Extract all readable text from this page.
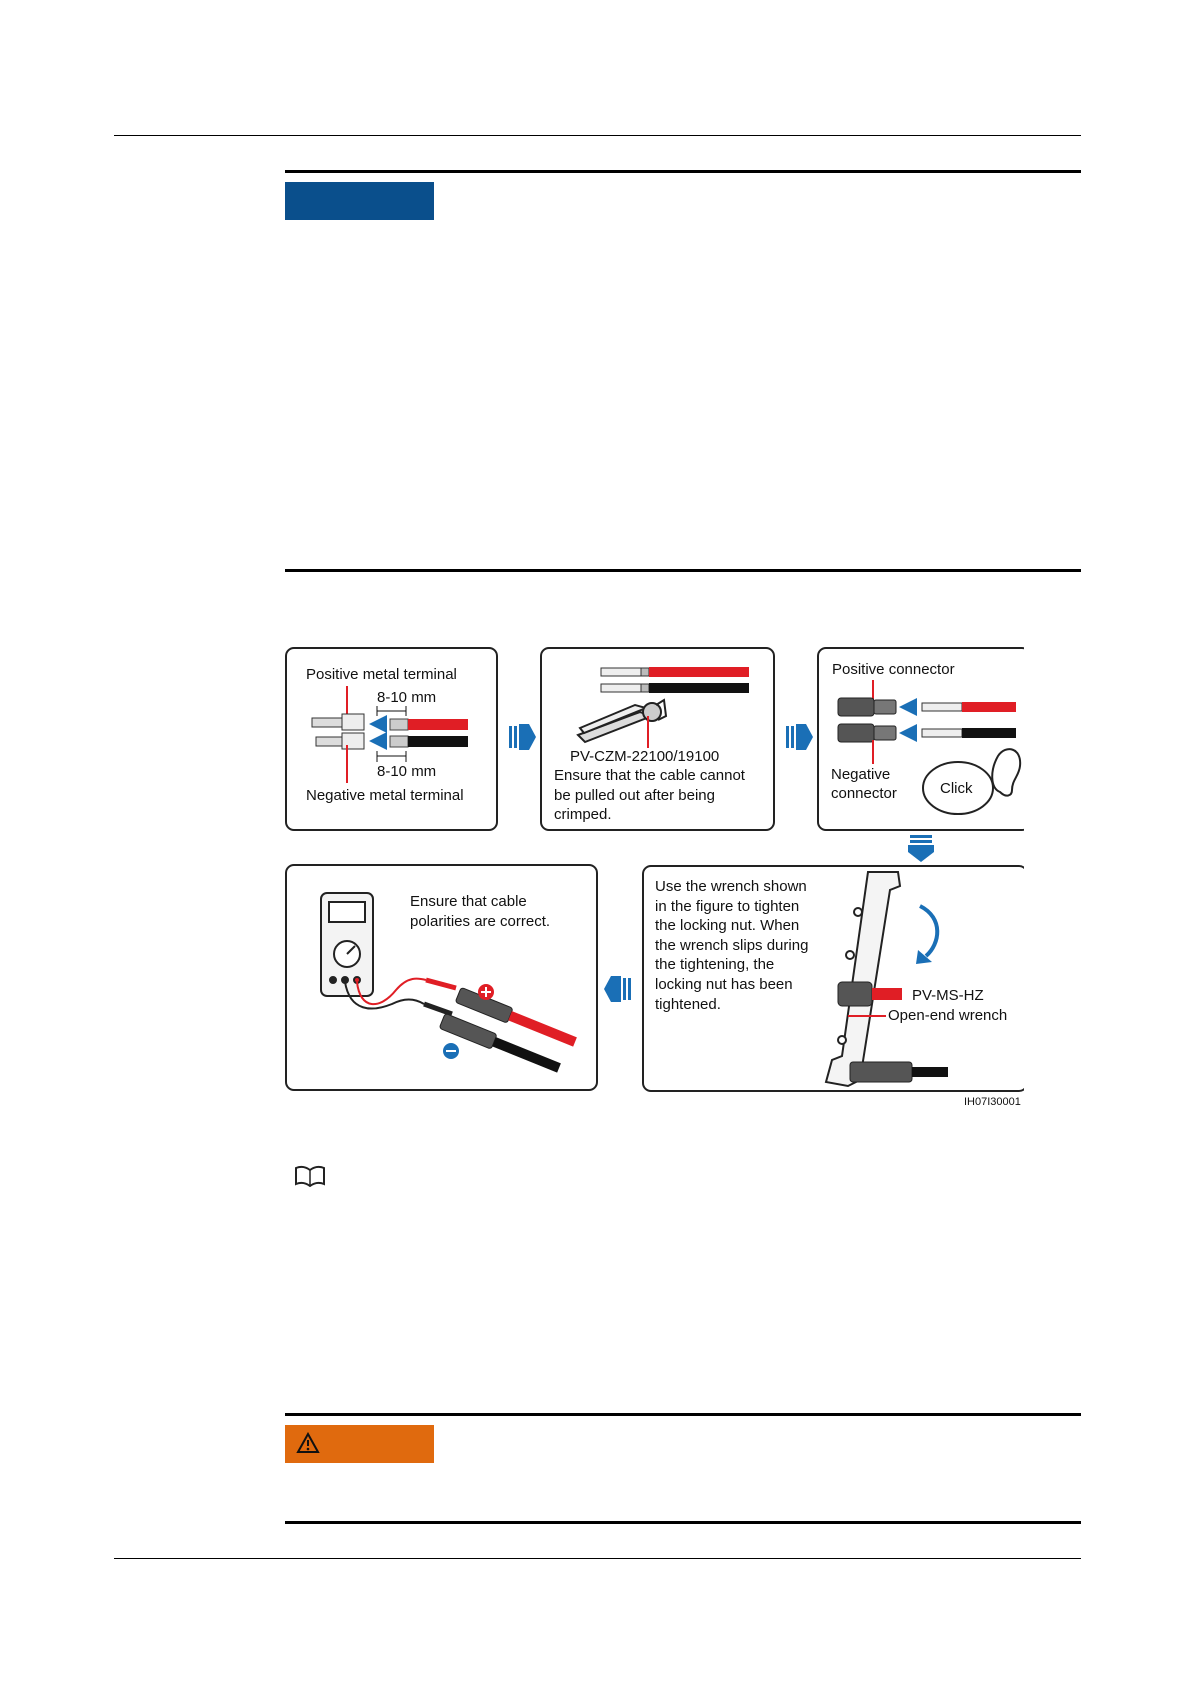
Positive metal terminal
8-10 mm
8-10 mm
Negative metal terminal
PV-CZM-22100/19100
Ensure that the cable cannot
be pulled out after being
crimped.
Positive connector
Negative
connector	Click
Use the wrench shown
in the figure to tighten
the locking nut. When
the wrench slips during
the tightening, the
locking nut has been
tightened.
PV-MS-HZ
Open-end wrench
Ensure that cable
polarities are correct.
IH07I30001
